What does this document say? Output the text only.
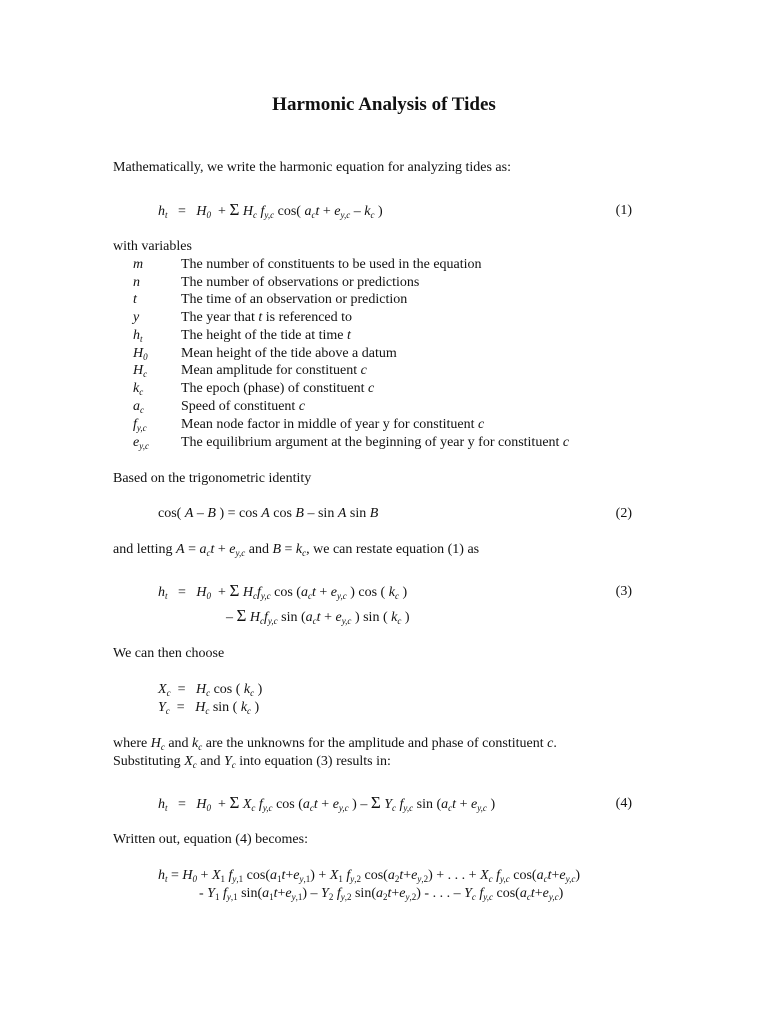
Harmonic Analysis of Tides
Mathematically, we write the harmonic equation for analyzing tides as:
$h_t = H_0 + \Sigma$ $H_c$ $f_{y,c}$ cos( $a_ct + e_{y,c} - k_c$ )	(1)
with variables
m	The number of constituents to be used in the equation
n	The number of observations or predictions
t	The time of an observation or prediction
y	The year that t is referenced to
$h_t$	The height of the tide at time t
$H_0$ Mean height of the tide above a datum
$H_c$ Mean amplitude for constituent c
$k_c$	The epoch (phase) of constituent c
$a_c$	Speed of constituent c
$f_{y,c}$ Mean node factor in middle of year y for constituent c
$e_{y,c}$ The equilibrium argument at the beginning of year y for constituent c
Based on the trigonometric identity
cos( A – B ) = cos A cos B – sin A sin B	(2)
and letting $A = a_ct + e_{y,c}$ and $B = k_c$, we can restate equation (1) as
$h_t = H_0 + \Sigma$ $H_cf_{y,c}$ $\cos (a_ct + e_{y,c}$ ) cos ( $k_c$ )	(3)
– Σ $H_cf_{y,c}$ $\sin (a_ct + e_{y,c}$ ) sin ( $k_c$ )
We can then choose
$X_c = H_c$ cos ( $k_c$ )
$Y_c = H_c$ sin ( $k_c$ )
where $H_c$ and $k_c$ are the unknowns for the amplitude and phase of constituent c.
Substituting $X_c$ and $Y_c$ into equation (3) results in:
$h_t = H_0 + \Sigma$ $X_c$ $f_{y,c}$ $\cos (a_ct + e_{y,c}$ ) – Σ $Y_c$ $f_{y,c}$ $\sin (a_ct + e_{y,c}$ )	(4)
Written out, equation (4) becomes:
$h_t = H_0 + X_1$ $f_{y,1}$ $\cos(a_1t+e_{y,1}) + X_1$ $f_{y,2}$ $\cos(a_2t+e_{y,2})$ + . . . + $X_c$ $f_{y,c}$ $\cos(a_ct+e_{y,c})$
- $Y_1$ $f_{y,1}$ $\sin(a_1t+e_{y,1}) - Y_2$ $f_{y,2}$ $\sin(a_2t+e_{y,2})$ - . . . – $Y_c$ $f_{y,c}$ $\cos(a_ct+e_{y,c})$
